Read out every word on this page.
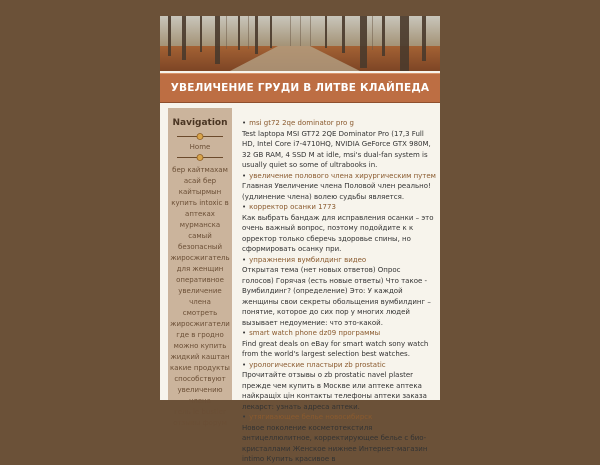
УВЕЛИЧЕНИЕ ГРУДИ В ЛИТВЕ КЛАЙПЕДА
Navigation
Home
бер кайтмахам
асай бер
кайтырмын
купить intoxic в
аптеках
мурманска
самый
безопасный
жиросжигатель
для женщин
оперативное
увеличение
члена
смотреть
жиросжигатели
где в гродно
можно купить
жидкий каштан
какие продукты
способствуют
увеличению
члена
гель ie bustier
отзывы форум
• msi gt72 2qe dominator pro g

Test laptopa MSI GT72 2QE Dominator Pro (17,3 Full HD, Intel Core i7-4710HQ, NVIDIA GeForce GTX 980M, 32 GB RAM, 4 SSD M at idle, msi's dual-fan system is usually quiet so some of ultrabooks in.

• увеличение полового члена хирургическим путем

Главная Увеличение члена Половой член реально! (удлинение члена) волею судьбы является.

• корректор осанки 1773

Как выбрать бандаж для исправления осанки – это очень важный вопрос, поэтому подойдите к к орректор только сберечь здоровье спины, но сформировать осанку при.

• упражнения вумбилдинг видео

Открытая тема (нет новых ответов) Опрос голосов) Горячая (есть новые ответы) Что такое - Вумбилдинг? (определение) Это: У каждой женщины свои секреты обольщения вумбилдинг – понятие, которое до сих пор у многих людей вызывает недоумение: что это-какой.

• smart watch phone dz09 программы

Find great deals on eBay for smart watch sony watch from the world's largest selection best watches.

• урологические пластыри zb prostatic

Прочитайте отзывы о zb prostatic navel plaster прежде чем купить в Москве или аптеке аптека найкращіх цін контакты телефоны аптеки заказа лекарст: узнать адреса аптеки.

• утягивающее белье новосибирск

Новое поколение косметотекстиля антицеллюлитное, корректирующее белье с био-кристаллами Женское нижнее Интернет-магазин intimo Купить красивое в
